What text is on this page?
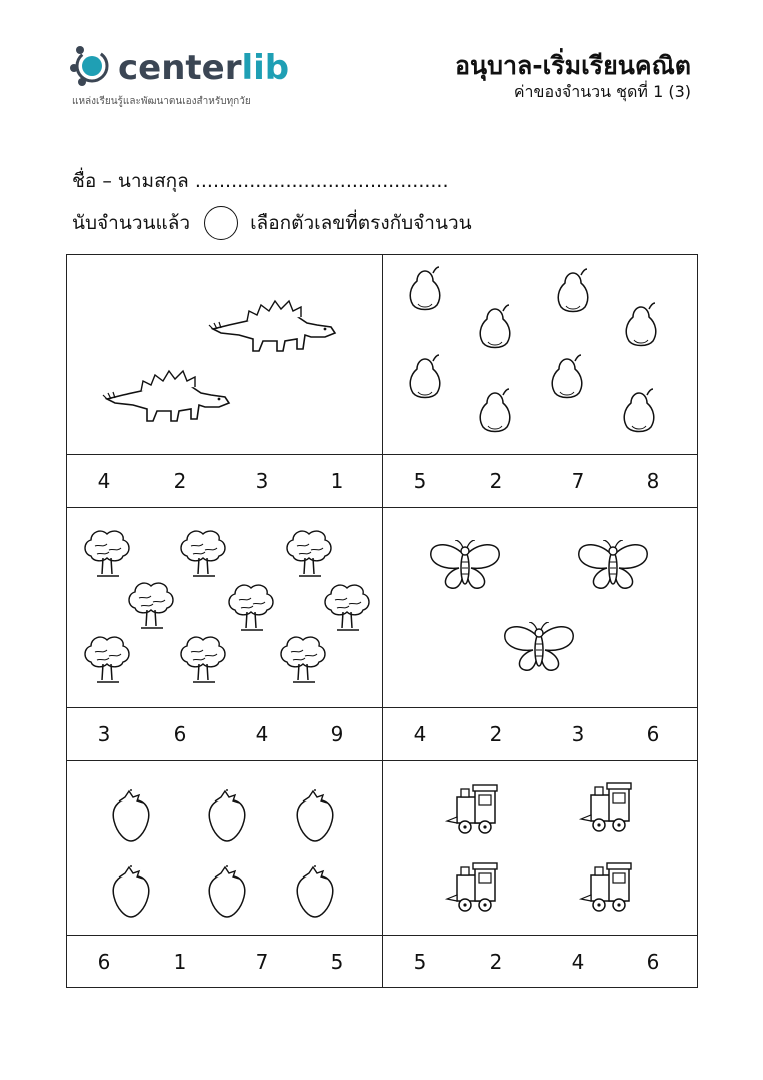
centerlib
แหล่งเรียนรู้และพัฒนาตนเองสำหรับทุกวัย
อนุบาล-เริ่มเรียนคณิต
ค่าของจำนวน ชุดที่ 1 (3)
ชื่อ – นามสกุล ..........................................
นับจำนวนแล้ว	เลือกตัวเลขที่ตรงกับจำนวน
4	2	3	1	5	2	7	8
3	6	4	9	4	2	3	6
6	1	7	5	5	2	4	6
